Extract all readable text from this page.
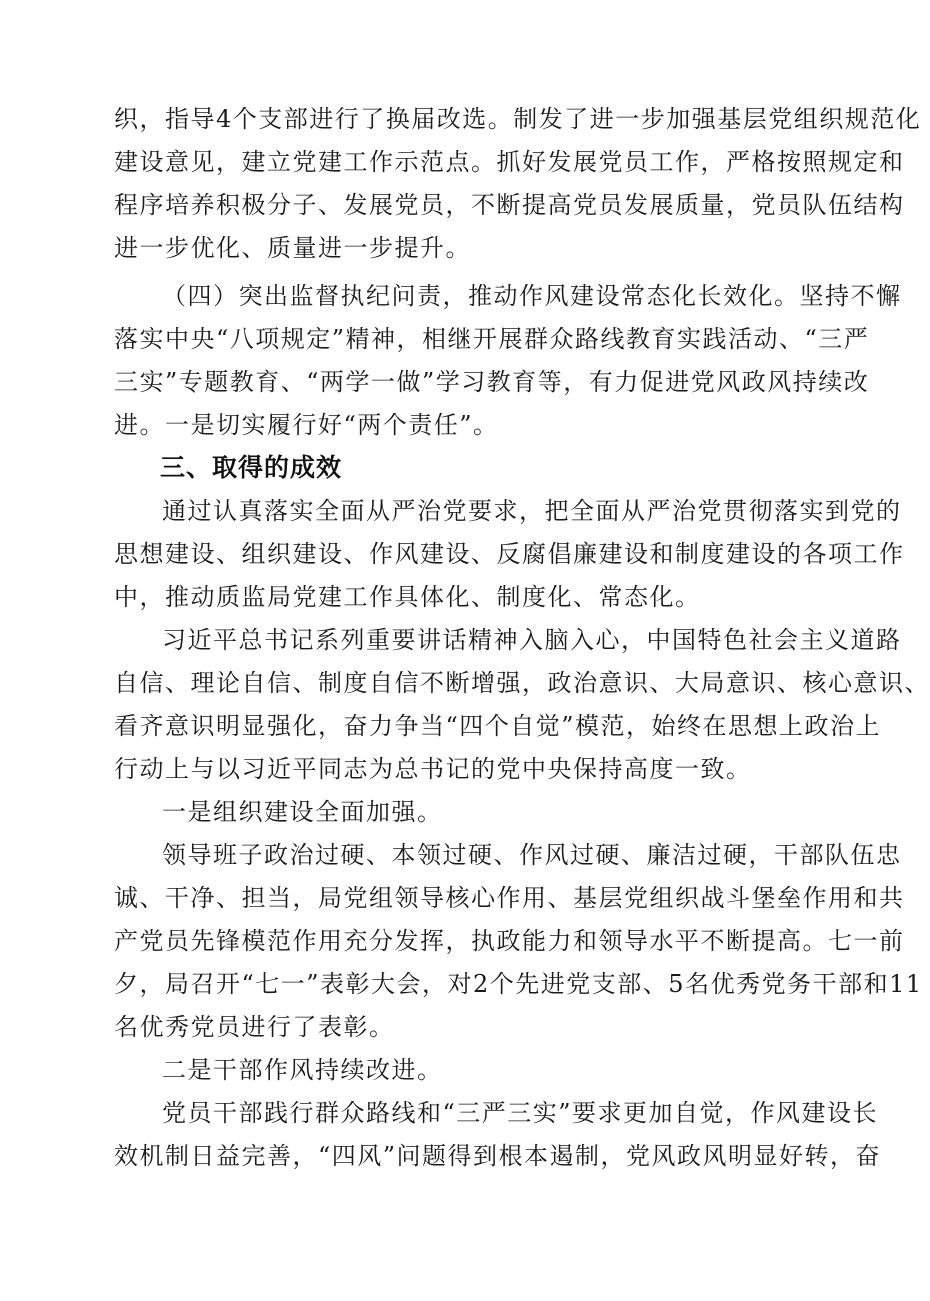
织，指导4个支部进行了换届改选。制发了进一步加强基层党组织规范化
建设意见，建立党建工作示范点。抓好发展党员工作，严格按照规定和
程序培养积极分子、发展党员，不断提高党员发展质量，党员队伍结构
进一步优化、质量进一步提升。
（四）突出监督执纪问责，推动作风建设常态化长效化。坚持不懈
落实中央“八项规定”精神，相继开展群众路线教育实践活动、“三严
三实”专题教育、“两学一做”学习教育等，有力促进党风政风持续改
进。一是切实履行好“两个责任”。
三、取得的成效
通过认真落实全面从严治党要求，把全面从严治党贯彻落实到党的
思想建设、组织建设、作风建设、反腐倡廉建设和制度建设的各项工作
中，推动质监局党建工作具体化、制度化、常态化。
习近平总书记系列重要讲话精神入脑入心，中国特色社会主义道路
自信、理论自信、制度自信不断增强，政治意识、大局意识、核心意识、
看齐意识明显强化，奋力争当“四个自觉”模范，始终在思想上政治上
行动上与以习近平同志为总书记的党中央保持高度一致。
一是组织建设全面加强。
领导班子政治过硬、本领过硬、作风过硬、廉洁过硬，干部队伍忠
诚、干净、担当，局党组领导核心作用、基层党组织战斗堡垒作用和共
产党员先锋模范作用充分发挥，执政能力和领导水平不断提高。七一前
夕，局召开“七一”表彰大会，对2个先进党支部、5名优秀党务干部和11
名优秀党员进行了表彰。
二是干部作风持续改进。
党员干部践行群众路线和“三严三实”要求更加自觉，作风建设长
效机制日益完善，“四风”问题得到根本遏制，党风政风明显好转，奋
